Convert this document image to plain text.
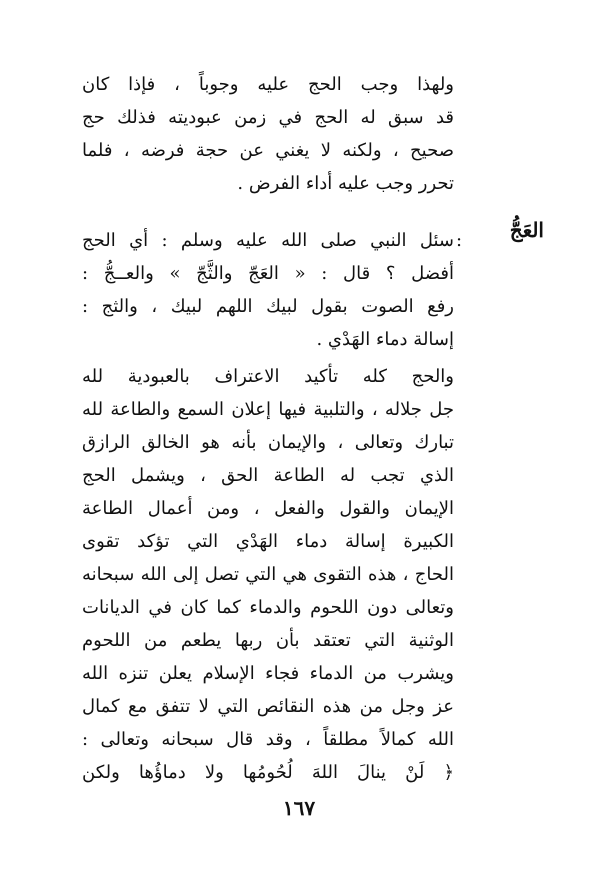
ولهذا وجب الحج عليه وجوباً ، فإذا كان
قد سبق له الحج في زمن عبوديته فذلك حج
صحيح ، ولكنه لا يغني عن حجة فرضه ، فلما
تحرر وجب عليه أداء الفرض .
العَجُّ
:
سئل النبي صلى الله عليه وسلم : أي الحج
أفضل ؟ قال : « العَجّ والثَّجّ » والعــجُّ :
رفع الصوت بقول لبيك اللهم لبيك ، والثج :
إسالة دماء الهَدْي .
والحج كله تأكيد الاعتراف بالعبودية لله
جل جلاله ، والتلبية فيها إعلان السمع والطاعة لله
تبارك وتعالى ، والإيمان بأنه هو الخالق الرازق
الذي تجب له الطاعة الحق ، ويشمل الحج
الإيمان والقول والفعل ، ومن أعمال الطاعة
الكبيرة إسالة دماء الهَدْي التي تؤكد تقوى
الحاج ، هذه التقوى هي التي تصل إلى الله سبحانه
وتعالى دون اللحوم والدماء كما كان في الديانات
الوثنية التي تعتقد بأن ربها يطعم من اللحوم
ويشرب من الدماء فجاء الإسلام يعلن تنزه الله
عز وجل من هذه النقائص التي لا تتفق مع كمال
الله كمالاً مطلقاً ، وقد قال سبحانه وتعالى :
﴿ لَنْ ينالَ اللهَ لُحُومُها ولا دماؤُها ولكن
١٦٧
